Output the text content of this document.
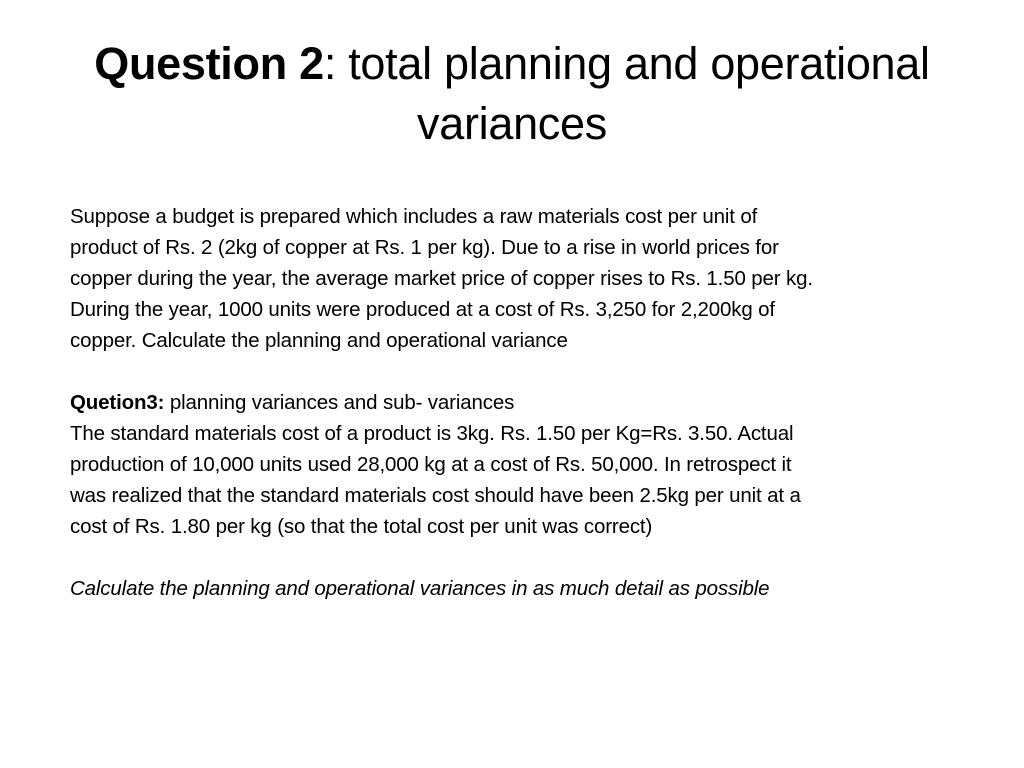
Question 2: total planning and operational variances

Suppose a budget is prepared which includes a raw materials cost per unit of

product of Rs. 2 (2kg of copper at Rs. 1 per kg). Due to a rise in world prices for

copper during the year, the average market price of copper rises to Rs. 1.50 per kg.

During the year, 1000 units were produced at a cost of Rs. 3,250 for 2,200kg of

copper. Calculate the planning and operational variance

Quetion3: planning variances and sub- variances

The standard materials cost of a product is 3kg. Rs. 1.50 per Kg=Rs. 3.50. Actual

production of 10,000 units used 28,000 kg at a cost of Rs. 50,000. In retrospect it

was realized that the standard materials cost should have been 2.5kg per unit at a

cost of Rs. 1.80 per kg (so that the total cost per unit was correct)

Calculate the planning and operational variances in as much detail as possible
